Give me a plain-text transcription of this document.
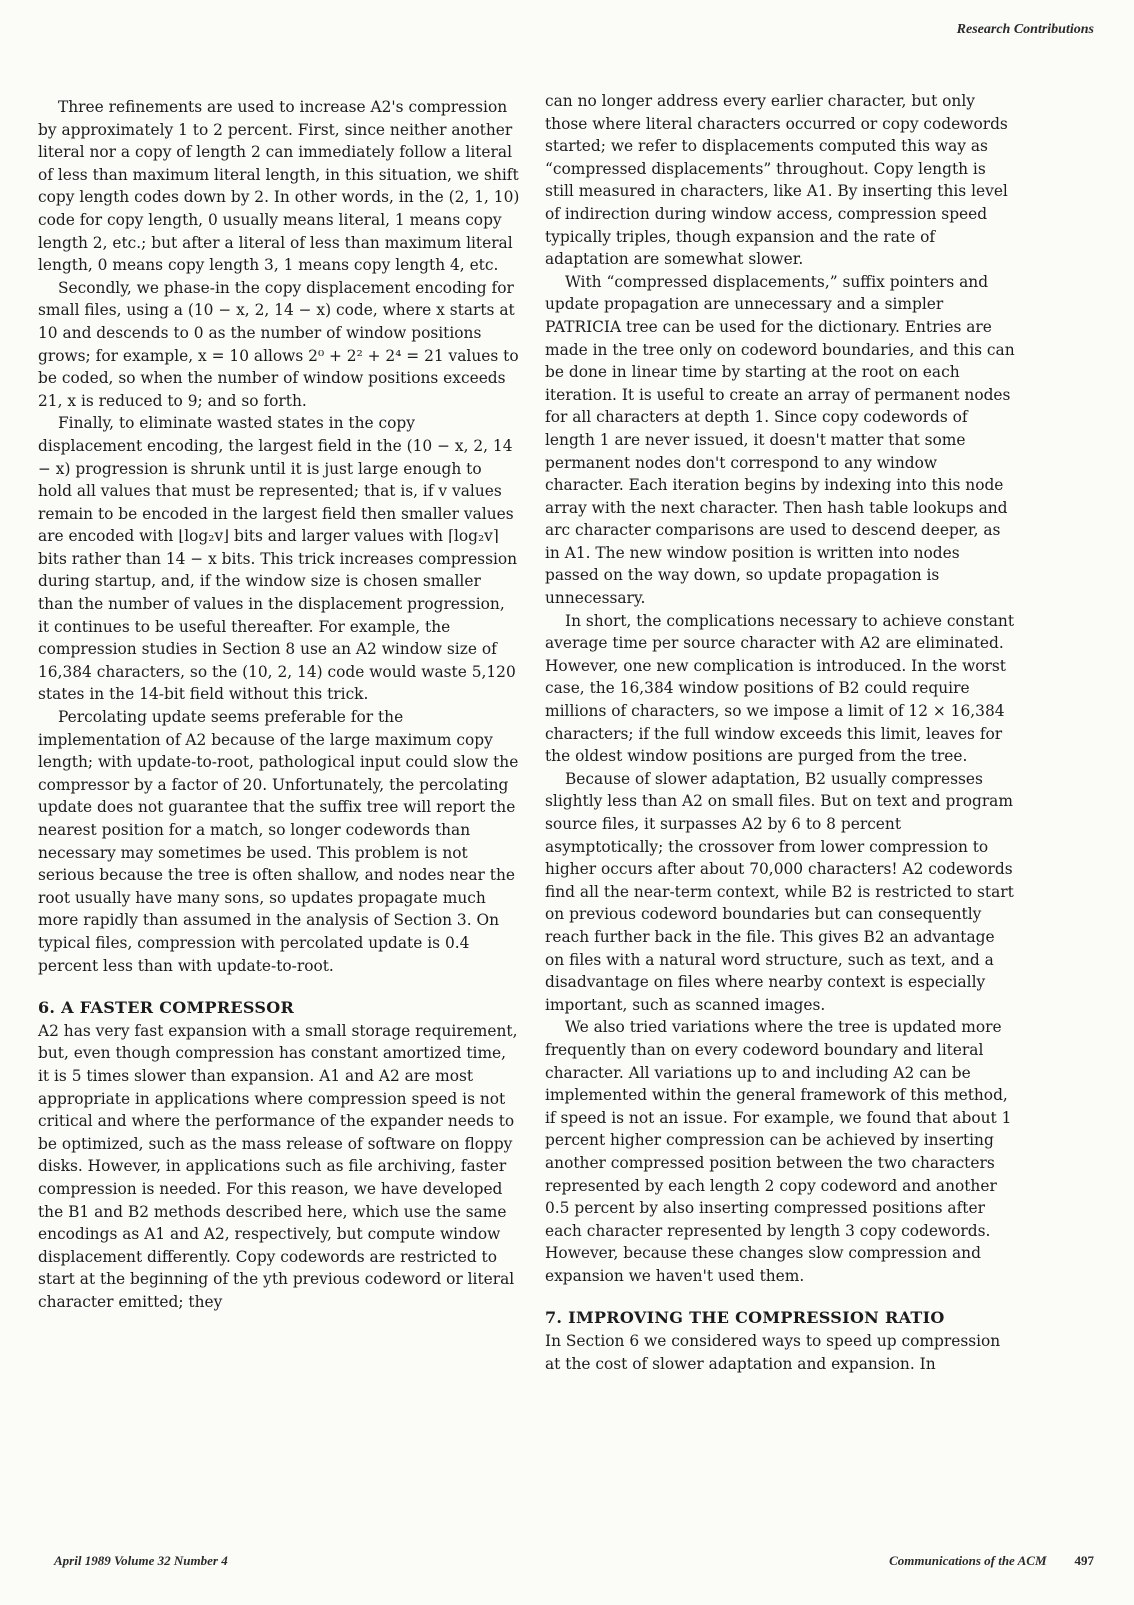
Research Contributions

Three refinements are used to increase A2's compression by approximately 1 to 2 percent. First, since neither another literal nor a copy of length 2 can immediately follow a literal of less than maximum literal length, in this situation, we shift copy length codes down by 2. In other words, in the (2, 1, 10) code for copy length, 0 usually means literal, 1 means copy length 2, etc.; but after a literal of less than maximum literal length, 0 means copy length 3, 1 means copy length 4, etc.

Secondly, we phase-in the copy displacement encoding for small files, using a (10 − x, 2, 14 − x) code, where x starts at 10 and descends to 0 as the number of window positions grows; for example, x = 10 allows 2⁰ + 2² + 2⁴ = 21 values to be coded, so when the number of window positions exceeds 21, x is reduced to 9; and so forth.

Finally, to eliminate wasted states in the copy displacement encoding, the largest field in the (10 − x, 2, 14 − x) progression is shrunk until it is just large enough to hold all values that must be represented; that is, if v values remain to be encoded in the largest field then smaller values are encoded with ⌊log₂v⌋ bits and larger values with ⌈log₂v⌉ bits rather than 14 − x bits. This trick increases compression during startup, and, if the window size is chosen smaller than the number of values in the displacement progression, it continues to be useful thereafter. For example, the compression studies in Section 8 use an A2 window size of 16,384 characters, so the (10, 2, 14) code would waste 5,120 states in the 14-bit field without this trick.

Percolating update seems preferable for the implementation of A2 because of the large maximum copy length; with update-to-root, pathological input could slow the compressor by a factor of 20. Unfortunately, the percolating update does not guarantee that the suffix tree will report the nearest position for a match, so longer codewords than necessary may sometimes be used. This problem is not serious because the tree is often shallow, and nodes near the root usually have many sons, so updates propagate much more rapidly than assumed in the analysis of Section 3. On typical files, compression with percolated update is 0.4 percent less than with update-to-root.

6. A FASTER COMPRESSOR

A2 has very fast expansion with a small storage requirement, but, even though compression has constant amortized time, it is 5 times slower than expansion. A1 and A2 are most appropriate in applications where compression speed is not critical and where the performance of the expander needs to be optimized, such as the mass release of software on floppy disks. However, in applications such as file archiving, faster compression is needed. For this reason, we have developed the B1 and B2 methods described here, which use the same encodings as A1 and A2, respectively, but compute window displacement differently. Copy codewords are restricted to start at the beginning of the yth previous codeword or literal character emitted; they

can no longer address every earlier character, but only those where literal characters occurred or copy codewords started; we refer to displacements computed this way as “compressed displacements” throughout. Copy length is still measured in characters, like A1. By inserting this level of indirection during window access, compression speed typically triples, though expansion and the rate of adaptation are somewhat slower.

With “compressed displacements,” suffix pointers and update propagation are unnecessary and a simpler PATRICIA tree can be used for the dictionary. Entries are made in the tree only on codeword boundaries, and this can be done in linear time by starting at the root on each iteration. It is useful to create an array of permanent nodes for all characters at depth 1. Since copy codewords of length 1 are never issued, it doesn't matter that some permanent nodes don't correspond to any window character. Each iteration begins by indexing into this node array with the next character. Then hash table lookups and arc character comparisons are used to descend deeper, as in A1. The new window position is written into nodes passed on the way down, so update propagation is unnecessary.

In short, the complications necessary to achieve constant average time per source character with A2 are eliminated. However, one new complication is introduced. In the worst case, the 16,384 window positions of B2 could require millions of characters, so we impose a limit of 12 × 16,384 characters; if the full window exceeds this limit, leaves for the oldest window positions are purged from the tree.

Because of slower adaptation, B2 usually compresses slightly less than A2 on small files. But on text and program source files, it surpasses A2 by 6 to 8 percent asymptotically; the crossover from lower compression to higher occurs after about 70,000 characters! A2 codewords find all the near-term context, while B2 is restricted to start on previous codeword boundaries but can consequently reach further back in the file. This gives B2 an advantage on files with a natural word structure, such as text, and a disadvantage on files where nearby context is especially important, such as scanned images.

We also tried variations where the tree is updated more frequently than on every codeword boundary and literal character. All variations up to and including A2 can be implemented within the general framework of this method, if speed is not an issue. For example, we found that about 1 percent higher compression can be achieved by inserting another compressed position between the two characters represented by each length 2 copy codeword and another 0.5 percent by also inserting compressed positions after each character represented by length 3 copy codewords. However, because these changes slow compression and expansion we haven't used them.

7. IMPROVING THE COMPRESSION RATIO

In Section 6 we considered ways to speed up compression at the cost of slower adaptation and expansion. In

April 1989 Volume 32 Number 4	Communications of the ACM 497
